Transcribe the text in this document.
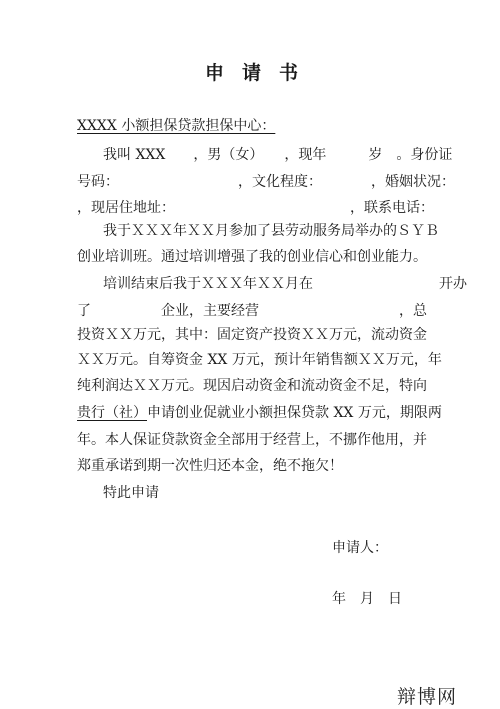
申请书
XXXX 小额担保贷款担保中心：
我叫 XXX　　，男（女）　　，现年　　　岁　。身份证
号码：　　　　　　　　　，文化程度：　　　　，婚姻状况：
，现居住地址：　　　　　　　　　　　　　，联系电话：
我于ＸＸＸ年ＸＸ月参加了县劳动服务局举办的ＳＹＢ
创业培训班。通过培训增强了我的创业信心和创业能力。
培训结束后我于ＸＸＸ年ＸＸ月在　　　　　　　　　开办
了　　　　　企业，主要经营　　　　　　　　　　，总
投资ＸＸ万元，其中：固定资产投资ＸＸ万元，流动资金
ＸＸ万元。自筹资金 XX 万元，预计年销售额ＸＸ万元，年
纯利润达ＸＸ万元。现因启动资金和流动资金不足，特向
贵行（社）申请创业促就业小额担保贷款 XX 万元，期限两
年。本人保证贷款资金全部用于经营上，不挪作他用，并
郑重承诺到期一次性归还本金，绝不拖欠！
特此申请
申请人：
年　月　日
辩博网
